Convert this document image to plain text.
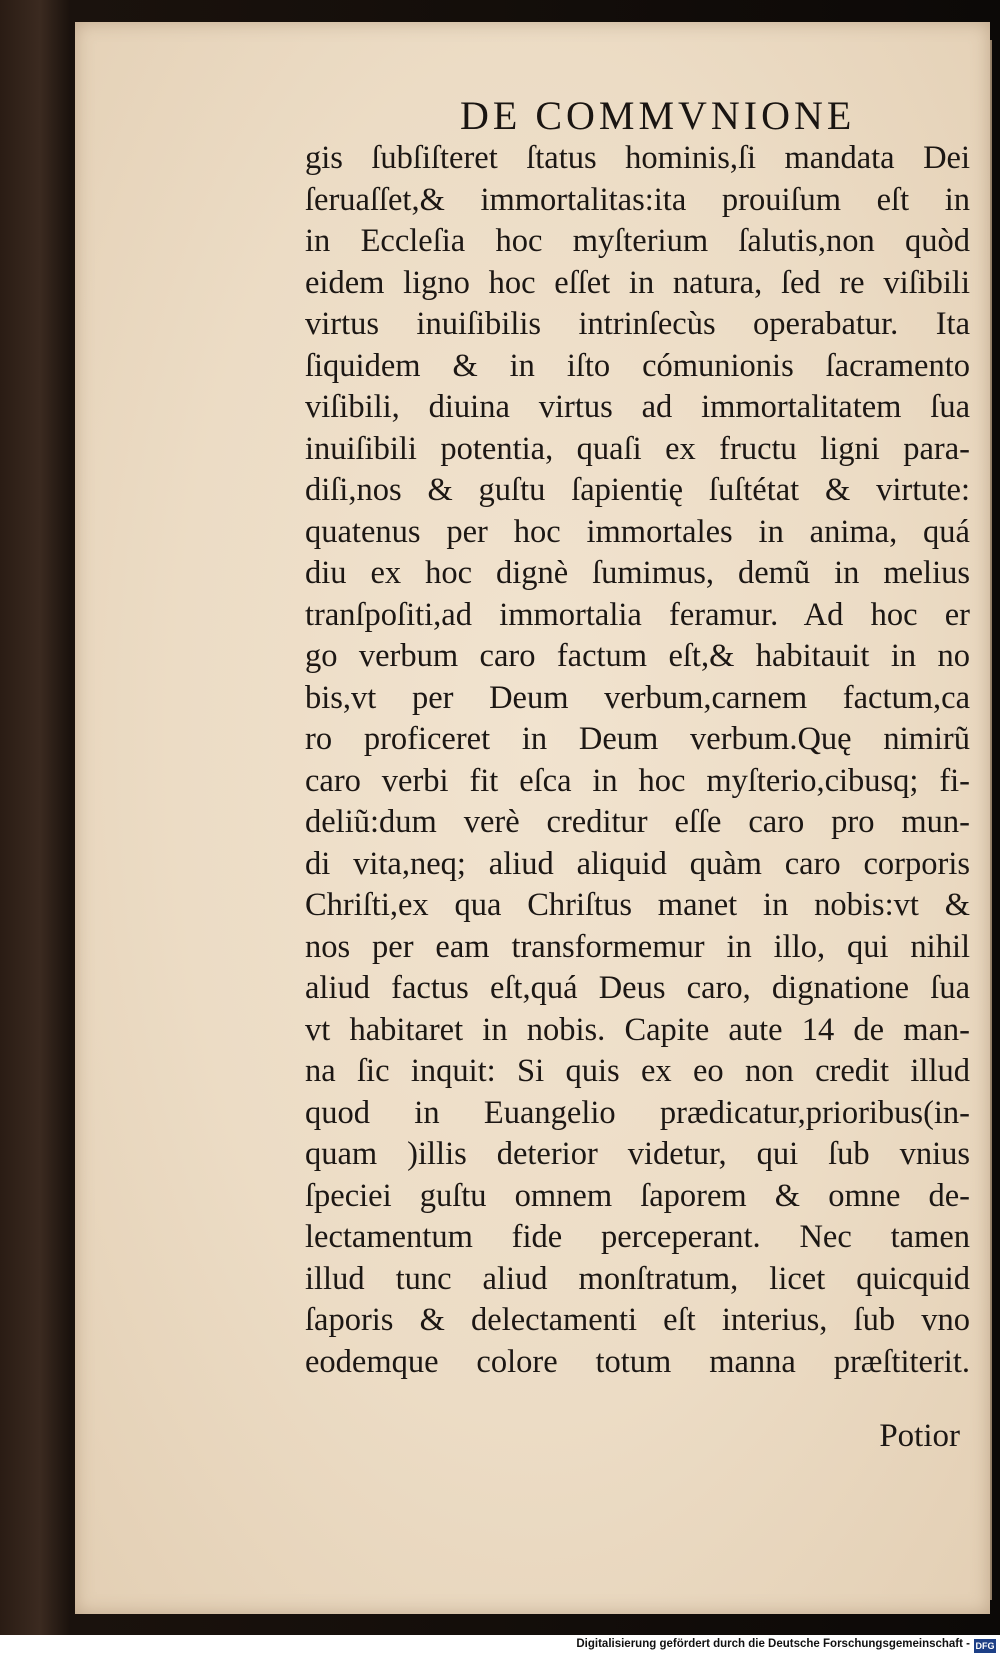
DE COMMVNIONE
gis ſubſiſteret ſtatus hominis,ſi mandata Dei
ſeruaſſet,& immortalitas:ita prouiſum eſt in
in Eccleſia hoc myſterium ſalutis,non quòd
eidem ligno hoc eſſet in natura, ſed re viſibili
virtus inuiſibilis intrinſecùs operabatur. Ita
ſiquidem & in iſto cómunionis ſacramento
viſibili, diuina virtus ad immortalitatem ſua
inuiſibili potentia, quaſi ex fructu ligni para-
diſi,nos & guſtu ſapientię ſuſtétat & virtute:
quatenus per hoc immortales in anima, quá
diu ex hoc dignè ſumimus, demũ in melius
tranſpoſiti,ad immortalia feramur. Ad hoc er
go verbum caro factum eſt,& habitauit in no
bis,vt per Deum verbum,carnem factum,ca
ro proficeret in Deum verbum.Quę nimirũ
caro verbi fit eſca in hoc myſterio,cibusq; fi-
deliũ:dum verè creditur eſſe caro pro mun-
di vita,neq; aliud aliquid quàm caro corporis
Chriſti,ex qua Chriſtus manet in nobis:vt &
nos per eam transformemur in illo, qui nihil
aliud factus eſt,quá Deus caro, dignatione ſua
vt habitaret in nobis. Capite aute 14 de man-
na ſic inquit: Si quis ex eo non credit illud
quod in Euangelio prædicatur,prioribus(in-
quam )illis deterior videtur, qui ſub vnius
ſpeciei guſtu omnem ſaporem & omne de-
lectamentum fide perceperant. Nec tamen
illud tunc aliud monſtratum, licet quicquid
ſaporis & delectamenti eſt interius, ſub vno
eodemque colore totum manna præſtiterit.
Potior
Digitalisierung gefördert durch die Deutsche Forschungsgemeinschaft - DFG
